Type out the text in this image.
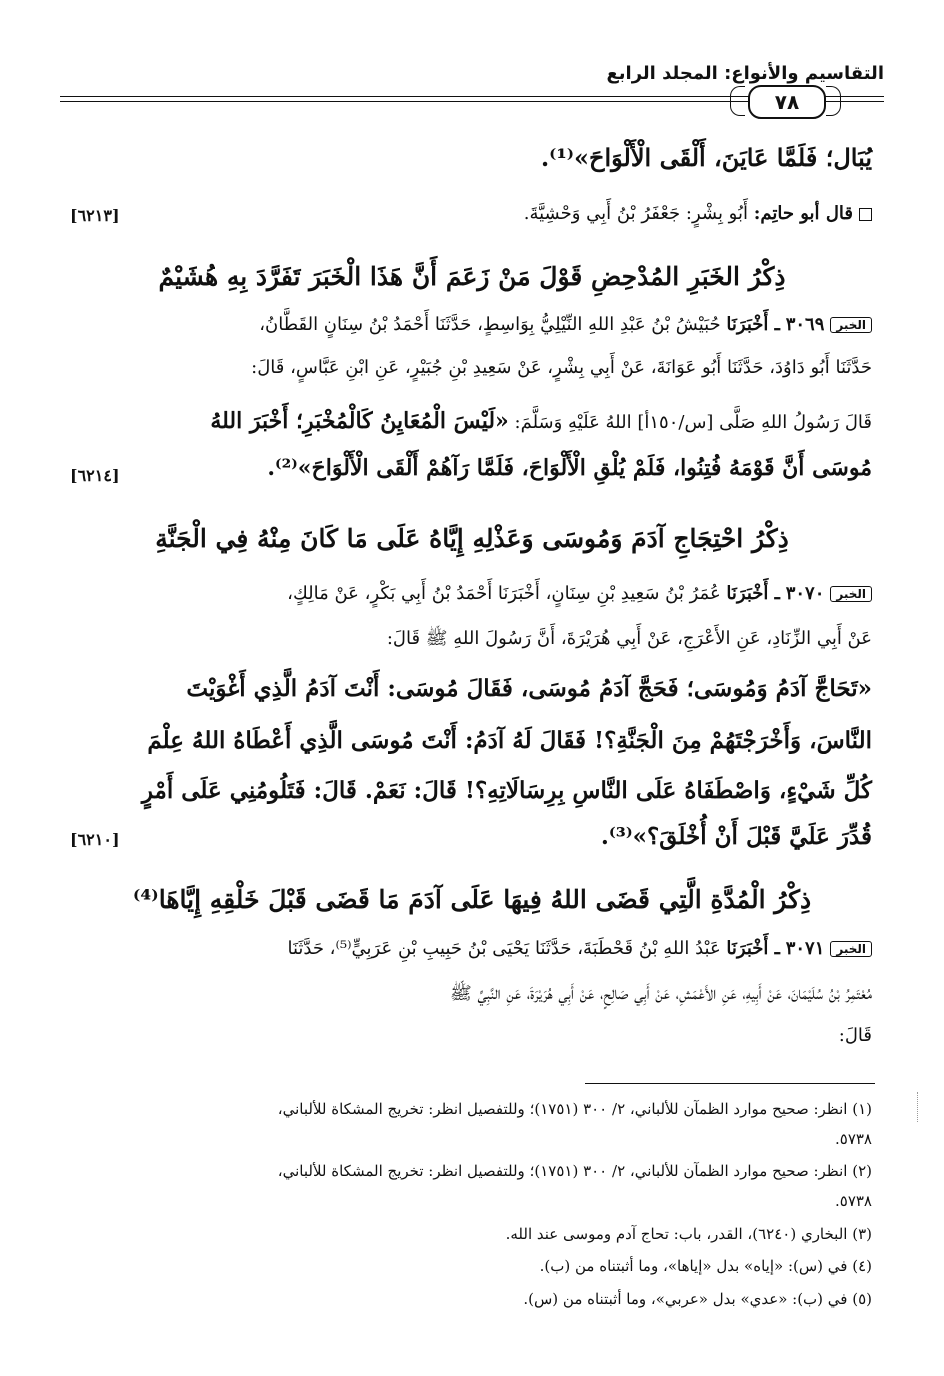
التقاسيم والأنواع: المجلد الرابع
٧٨
يُبَال؛ فَلَمَّا عَايَنَ، أَلْقَى الْأَلْوَاحَ»⁽¹⁾.
قال أبو حاتِم: أَبُو بِشْرٍ: جَعْفَرُ بْنُ أَبِي وَحْشِيَّةَ.
[٦٢١٣]
ذِكْرُ الخَبَرِ المُدْحِضِ قَوْلَ مَنْ زَعَمَ أَنَّ هَذَا الْخَبَرَ تَفَرَّدَ بِهِ هُشَيْمٌ
الخبر٣٠٦٩ ـ أَخْبَرَنَا حُبَيْشُ بْنُ عَبْدِ اللهِ النِّيْلِيُّ بِوَاسِطٍ، حَدَّثَنَا أَحْمَدُ بْنُ سِنَانٍ القَطَّانُ،
حَدَّثَنَا أَبُو دَاوُدَ، حَدَّثَنَا أَبُو عَوَانَةَ، عَنْ أَبِي بِشْرٍ، عَنْ سَعِيدِ بْنِ جُبَيْرٍ، عَنِ ابْنِ عَبَّاسٍ، قَالَ:
قَالَ رَسُولُ اللهِ صَلَّى [س/١٥٠أ] اللهُ عَلَيْهِ وَسَلَّمَ: «لَيْسَ الْمُعَايِنُ كَالْمُخْبَرِ؛ أَخْبَرَ اللهُ
مُوسَى أَنَّ قَوْمَهُ فُتِنُوا، فَلَمْ يُلْقِ الْأَلْوَاحَ، فَلَمَّا رَآهُمْ أَلْقَى الْأَلْوَاحَ»⁽²⁾.
[٦٢١٤]
ذِكْرُ احْتِجَاجِ آدَمَ وَمُوسَى وَعَذْلِهِ إِيَّاهُ عَلَى مَا كَانَ مِنْهُ فِي الْجَنَّةِ
الخبر٣٠٧٠ ـ أَخْبَرَنَا عُمَرُ بْنُ سَعِيدِ بْنِ سِنَانٍ، أَخْبَرَنَا أَحْمَدُ بْنُ أَبِي بَكْرٍ، عَنْ مَالِكٍ،
عَنْ أَبِي الزِّنَادِ، عَنِ الأَعْرَجِ، عَنْ أَبِي هُرَيْرَةَ، أَنَّ رَسُولَ اللهِ ﷺ قَالَ:
«تَحَاجَّ آدَمُ وَمُوسَى؛ فَحَجَّ آدَمُ مُوسَى، فَقَالَ مُوسَى: أَنْتَ آدَمُ الَّذِي أَغْوَيْتَ
النَّاسَ، وَأَخْرَجْتَهُمْ مِنَ الْجَنَّةِ؟! فَقَالَ لَهُ آدَمُ: أَنْتَ مُوسَى الَّذِي أَعْطَاهُ اللهُ عِلْمَ
كُلِّ شَيْءٍ، وَاصْطَفَاهُ عَلَى النَّاسِ بِرِسَالَاتِهِ؟! قَالَ: نَعَمْ. قَالَ: فَتَلُومُنِي عَلَى أَمْرٍ
قُدِّرَ عَلَيَّ قَبْلَ أَنْ أُخْلَقَ؟»⁽³⁾.
[٦٢١٠]
ذِكْرُ الْمُدَّةِ الَّتِي قَضَى اللهُ فِيهَا عَلَى آدَمَ مَا قَضَى قَبْلَ خَلْقِهِ إِيَّاهَا⁽⁴⁾
الخبر٣٠٧١ ـ أَخْبَرَنَا عَبْدُ اللهِ بْنُ قَحْطَبَةَ، حَدَّثَنَا يَحْيَى بْنُ حَبِيبِ بْنِ عَرَبِيٍّ⁽⁵⁾، حَدَّثَنَا
مُعْتَمِرُ بْنُ سُلَيْمَانَ، عَنْ أَبِيهِ، عَنِ الأَعْمَشِ، عَنْ أَبِي صَالِحٍ، عَنْ أَبِي هُرَيْرَةَ، عَنِ النَّبِيِّ ﷺ
قَالَ:
(١) انظر: صحيح موارد الظمآن للألباني، ٢/ ٣٠٠ (١٧٥١)؛ وللتفصيل انظر: تخريج المشكاة للألباني،
٥٧٣٨.
(٢) انظر: صحيح موارد الظمآن للألباني، ٢/ ٣٠٠ (١٧٥١)؛ وللتفصيل انظر: تخريج المشكاة للألباني،
٥٧٣٨.
(٣) البخاري (٦٢٤٠)، القدر، باب: تحاج آدم وموسى عند الله.
(٤) في (س): «إياه» بدل «إياها»، وما أثبتناه من (ب).
(٥) في (ب): «عدي» بدل «عربي»، وما أثبتناه من (س).
